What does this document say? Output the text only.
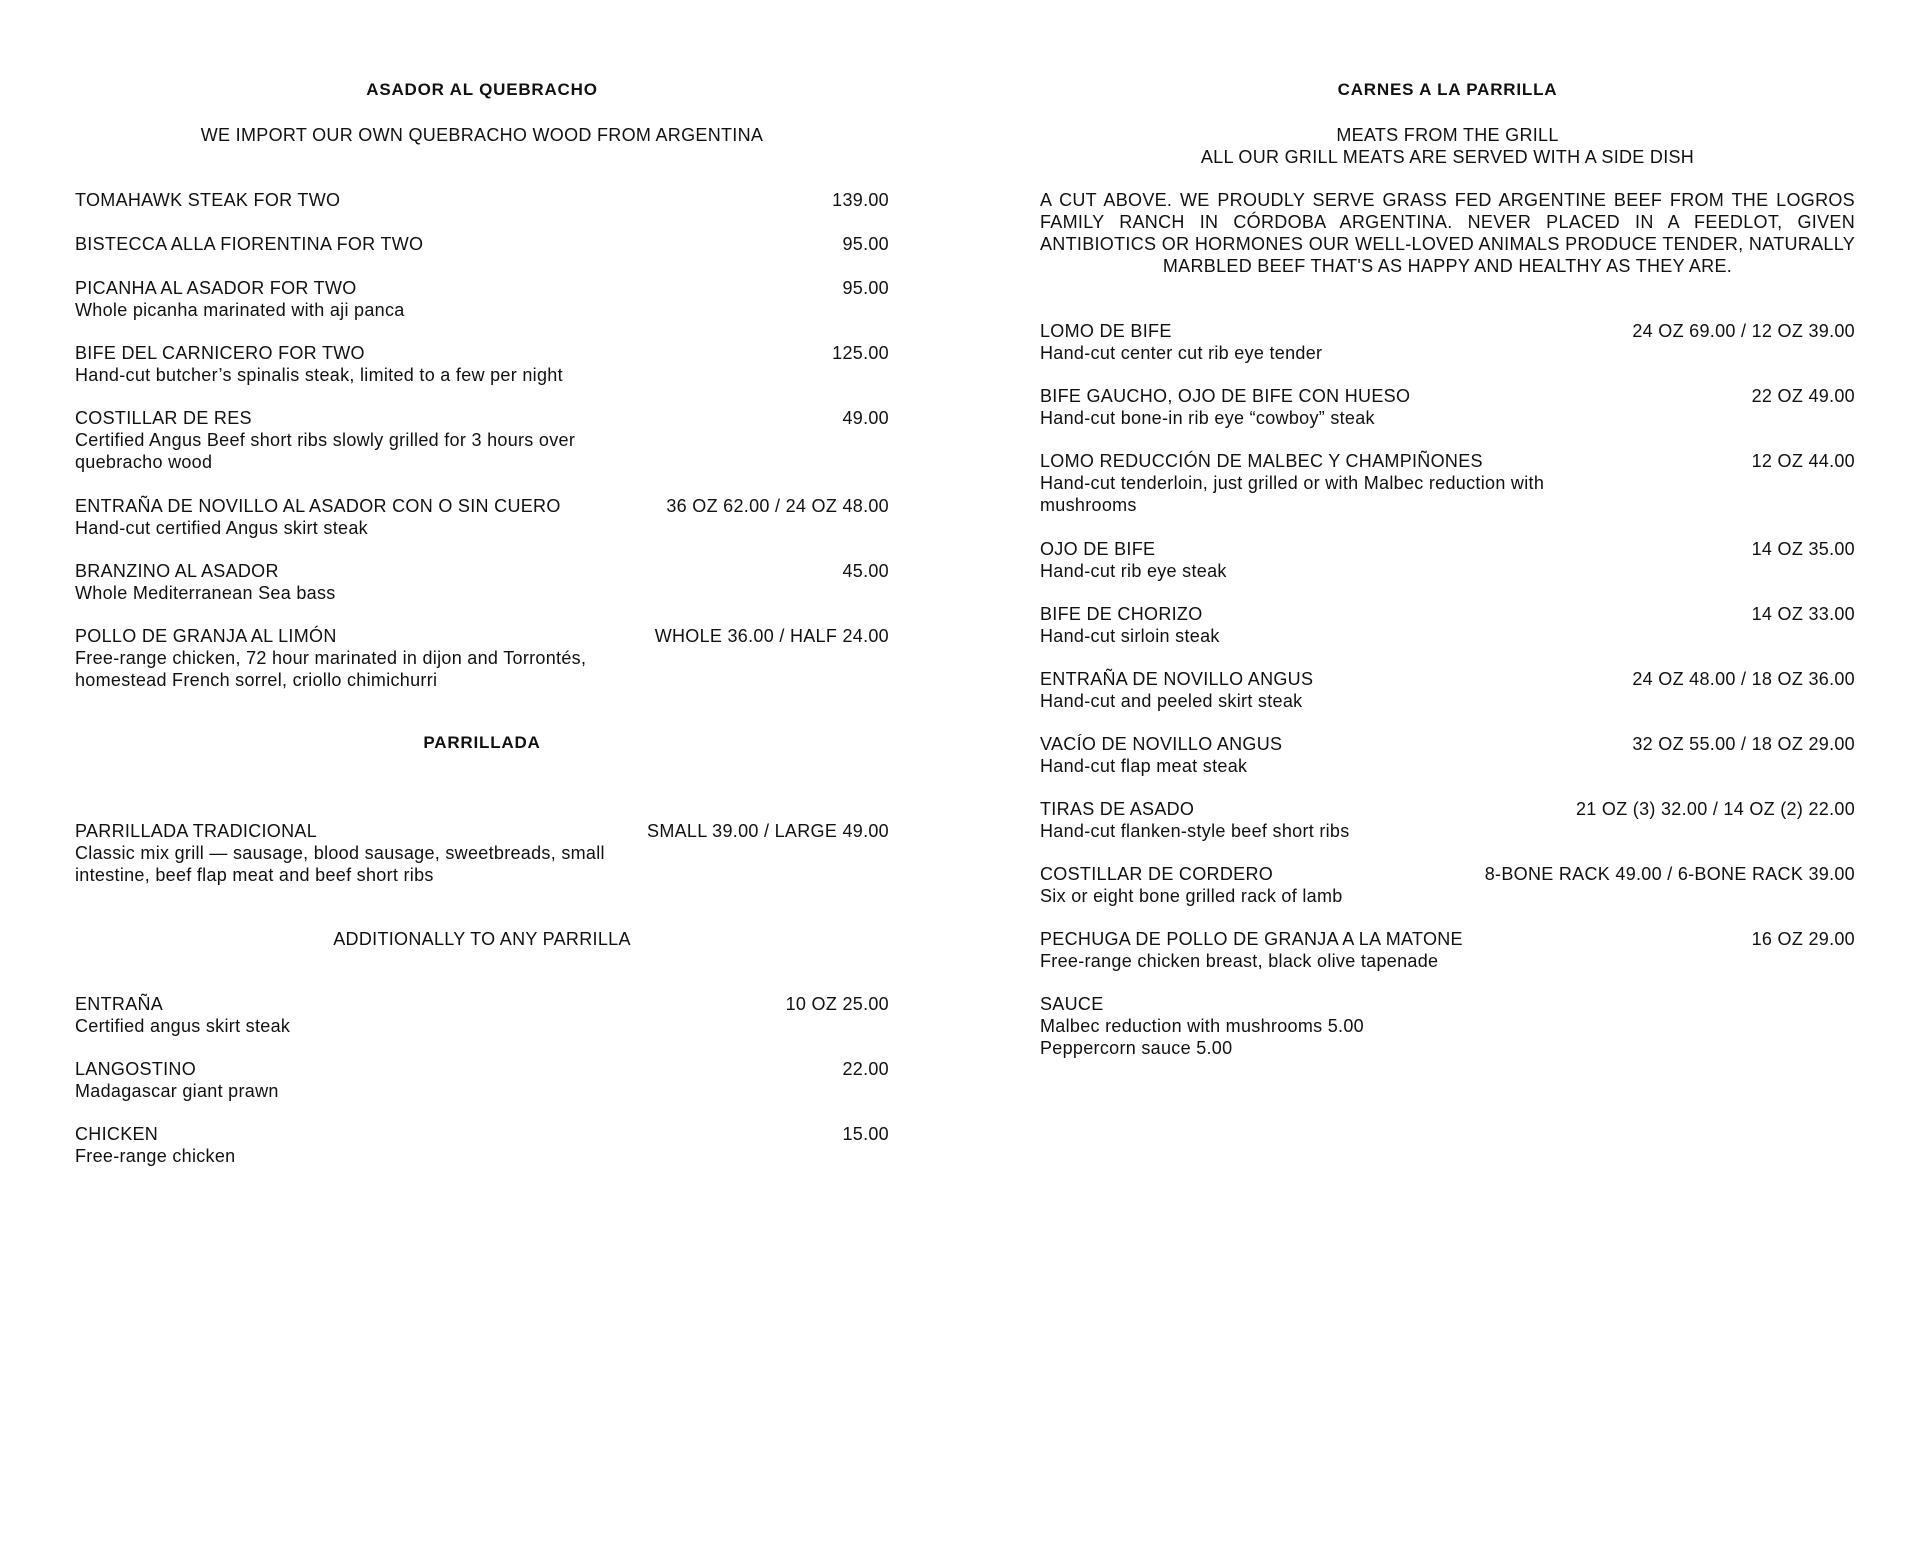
ASADOR AL QUEBRACHO
WE IMPORT OUR OWN QUEBRACHO WOOD FROM ARGENTINA
TOMAHAWK STEAK FOR TWO	139.00
BISTECCA ALLA FIORENTINA FOR TWO	95.00
PICANHA AL ASADOR FOR TWO	95.00
Whole picanha marinated with aji panca
BIFE DEL CARNICERO FOR TWO	125.00
Hand-cut butcher’s spinalis steak, limited to a few per night
COSTILLAR DE RES	49.00
Certified Angus Beef short ribs slowly grilled for 3 hours over quebracho wood
ENTRAÑA DE NOVILLO AL ASADOR CON O SIN CUERO	36 OZ 62.00 / 24 OZ 48.00
Hand-cut certified Angus skirt steak
BRANZINO AL ASADOR	45.00
Whole Mediterranean Sea bass
POLLO DE GRANJA AL LIMÓN	WHOLE 36.00 / HALF 24.00
Free-range chicken, 72 hour marinated in dijon and Torrontés, homestead French sorrel, criollo chimichurri
PARRILLADA
PARRILLADA TRADICIONAL	SMALL 39.00 / LARGE 49.00
Classic mix grill — sausage, blood sausage, sweetbreads, small intestine, beef flap meat and beef short ribs
ADDITIONALLY TO ANY PARRILLA
ENTRAÑA	10 OZ 25.00
Certified angus skirt steak
LANGOSTINO	22.00
Madagascar giant prawn
CHICKEN	15.00
Free-range chicken
CARNES A LA PARRILLA
MEATS FROM THE GRILL
ALL OUR GRILL MEATS ARE SERVED WITH A SIDE DISH
A CUT ABOVE. WE PROUDLY SERVE GRASS FED ARGENTINE BEEF FROM THE LOGROS FAMILY RANCH IN CÓRDOBA ARGENTINA. NEVER PLACED IN A FEEDLOT, GIVEN ANTIBIOTICS OR HORMONES OUR WELL-LOVED ANIMALS PRODUCE TENDER, NATURALLY MARBLED BEEF THAT'S AS HAPPY AND HEALTHY AS THEY ARE.
LOMO DE BIFE	24 OZ 69.00 / 12 OZ 39.00
Hand-cut center cut rib eye tender
BIFE GAUCHO, OJO DE BIFE CON HUESO	22 OZ 49.00
Hand-cut bone-in rib eye “cowboy” steak
LOMO REDUCCIÓN DE MALBEC Y CHAMPIÑONES	12 OZ 44.00
Hand-cut tenderloin, just grilled or with Malbec reduction with mushrooms
OJO DE BIFE	14 OZ 35.00
Hand-cut rib eye steak
BIFE DE CHORIZO	14 OZ 33.00
Hand-cut sirloin steak
ENTRAÑA DE NOVILLO ANGUS	24 OZ 48.00 / 18 OZ 36.00
Hand-cut and peeled skirt steak
VACÍO DE NOVILLO ANGUS	32 OZ 55.00 / 18 OZ 29.00
Hand-cut flap meat steak
TIRAS DE ASADO	21 OZ (3) 32.00 / 14 OZ (2) 22.00
Hand-cut flanken-style beef short ribs
COSTILLAR DE CORDERO	8-BONE RACK 49.00 / 6-BONE RACK 39.00
Six or eight bone grilled rack of lamb
PECHUGA DE POLLO DE GRANJA A LA MATONE	16 OZ 29.00
Free-range chicken breast, black olive tapenade
SAUCE
Malbec reduction with mushrooms 5.00
Peppercorn sauce 5.00
